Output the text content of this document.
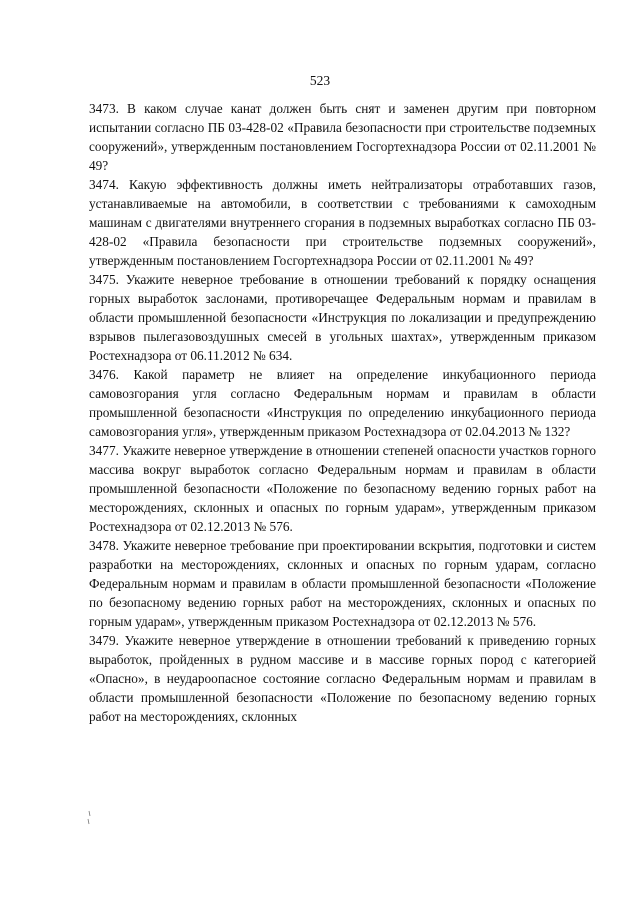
523

3473. В каком случае канат должен быть снят и заменен другим при повторном испытании согласно ПБ 03-428-02 «Правила безопасности при строительстве подземных сооружений», утвержденным постановлением Госгортехнадзора России от 02.11.2001 № 49?

3474. Какую эффективность должны иметь нейтрализаторы отработавших газов, устанавливаемые на автомобили, в соответствии с требованиями к самоходным машинам с двигателями внутреннего сгорания в подземных выработках согласно ПБ 03-428-02 «Правила безопасности при строительстве подземных сооружений», утвержденным постановлением Госгортехнадзора России от 02.11.2001 № 49?

3475. Укажите неверное требование в отношении требований к порядку оснащения горных выработок заслонами, противоречащее Федеральным нормам и правилам в области промышленной безопасности «Инструкция по локализации и предупреждению взрывов пылегазовоздушных смесей в угольных шахтах», утвержденным приказом Ростехнадзора от 06.11.2012 № 634.

3476. Какой параметр не влияет на определение инкубационного периода самовозгорания угля согласно Федеральным нормам и правилам в области промышленной безопасности «Инструкция по определению инкубационного периода самовозгорания угля», утвержденным приказом Ростехнадзора от 02.04.2013 № 132?

3477. Укажите неверное утверждение в отношении степеней опасности участков горного массива вокруг выработок согласно Федеральным нормам и правилам в области промышленной безопасности «Положение по безопасному ведению горных работ на месторождениях, склонных и опасных по горным ударам», утвержденным приказом Ростехнадзора от 02.12.2013 № 576.

3478. Укажите неверное требование при проектировании вскрытия, подготовки и систем разработки на месторождениях, склонных и опасных по горным ударам, согласно Федеральным нормам и правилам в области промышленной безопасности «Положение по безопасному ведению горных работ на месторождениях, склонных и опасных по горным ударам», утвержденным приказом Ростехнадзора от 02.12.2013 № 576.

3479. Укажите неверное утверждение в отношении требований к приведению горных выработок, пройденных в рудном массиве и в массиве горных пород с категорией «Опасно», в неудароопасное состояние согласно Федеральным нормам и правилам в области промышленной безопасности «Положение по безопасному ведению горных работ на месторождениях, склонных
